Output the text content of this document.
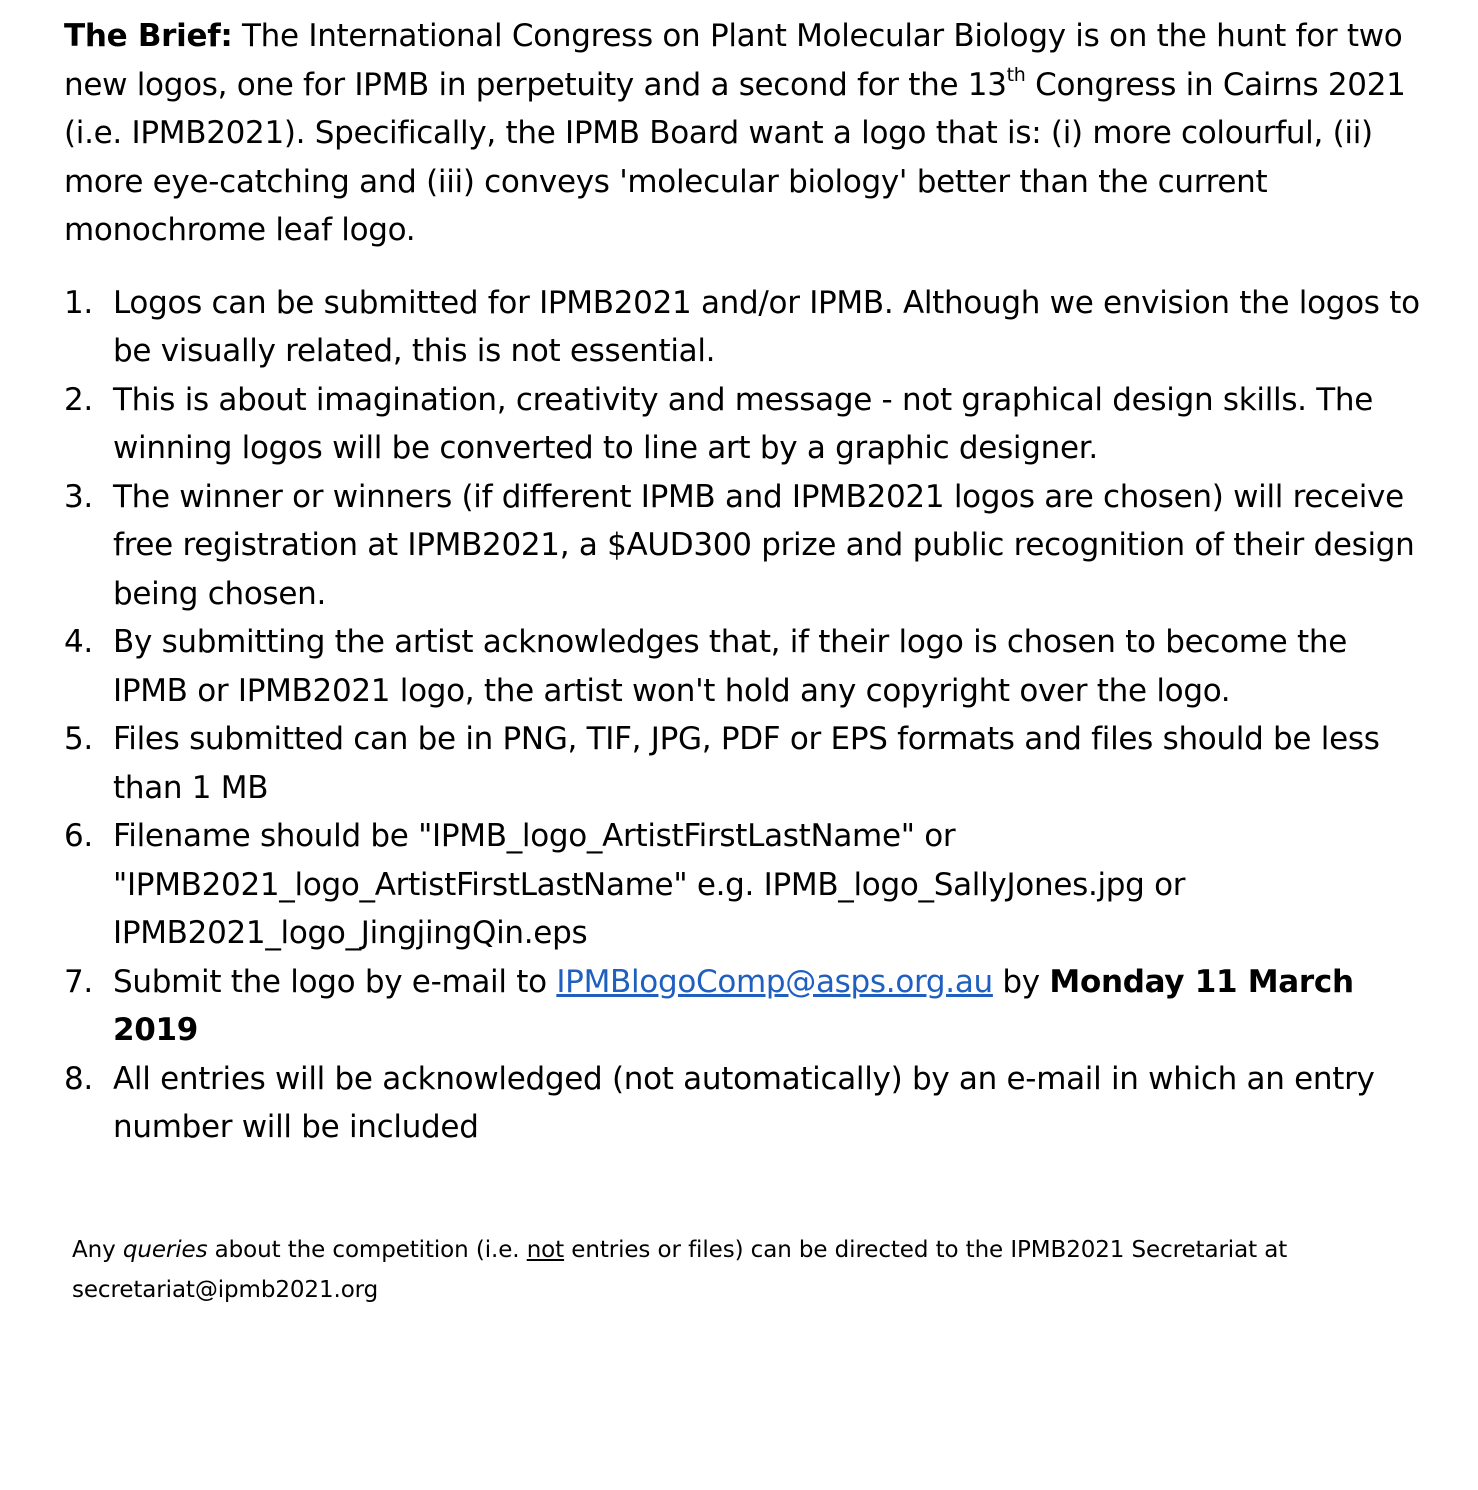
The Brief: The International Congress on Plant Molecular Biology is on the hunt for two new logos, one for IPMB in perpetuity and a second for the 13th Congress in Cairns 2021 (i.e. IPMB2021). Specifically, the IPMB Board want a logo that is: (i) more colourful, (ii) more eye-catching and (iii) conveys 'molecular biology' better than the current monochrome leaf logo.

1. Logos can be submitted for IPMB2021 and/or IPMB. Although we envision the logos to be visually related, this is not essential.
2. This is about imagination, creativity and message - not graphical design skills. The winning logos will be converted to line art by a graphic designer.
3. The winner or winners (if different IPMB and IPMB2021 logos are chosen) will receive free registration at IPMB2021, a $AUD300 prize and public recognition of their design being chosen.
4. By submitting the artist acknowledges that, if their logo is chosen to become the IPMB or IPMB2021 logo, the artist won't hold any copyright over the logo.
5. Files submitted can be in PNG, TIF, JPG, PDF or EPS formats and files should be less than 1 MB
6. Filename should be "IPMB_logo_ArtistFirstLastName" or "IPMB2021_logo_ArtistFirstLastName" e.g. IPMB_logo_SallyJones.jpg or IPMB2021_logo_JingjingQin.eps
7. Submit the logo by e-mail to IPMBlogoComp@asps.org.au by Monday 11 March 2019
8. All entries will be acknowledged (not automatically) by an e-mail in which an entry number will be included

Any queries about the competition (i.e. not entries or files) can be directed to the IPMB2021 Secretariat at
secretariat@ipmb2021.org
